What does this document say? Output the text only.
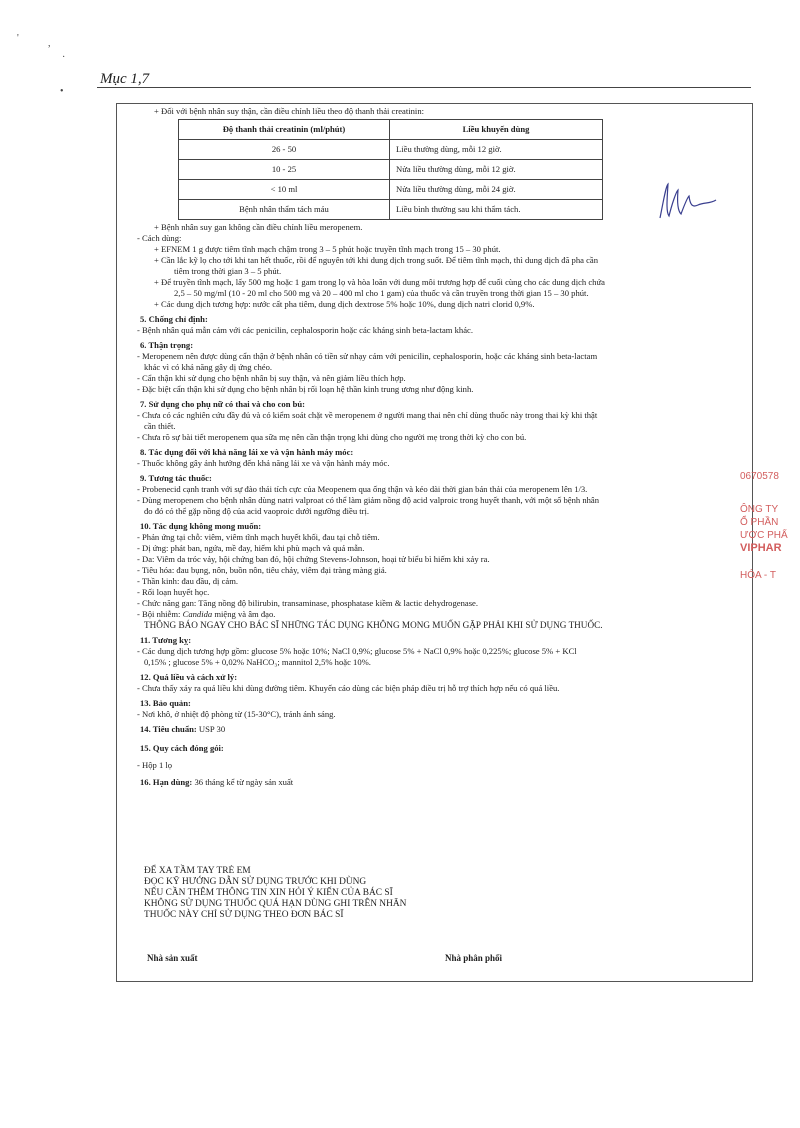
'	,
·
•
Mục 1,7
+ Đối với bệnh nhân suy thận, cần điều chỉnh liều theo độ thanh thải creatinin:
Độ thanh thải creatinin (ml/phút)	Liều khuyến dùng
26 - 50	Liều thường dùng, mỗi 12 giờ.
10 - 25	Nửa liều thường dùng, mỗi 12 giờ.
< 10 ml	Nửa liều thường dùng, mỗi 24 giờ.
Bệnh nhân thẩm tách máu	Liều bình thường sau khi thẩm tách.
+ Bệnh nhân suy gan không cần điều chỉnh liều meropenem.
- Cách dùng:
+ EFNEM 1 g được tiêm tĩnh mạch chậm trong 3 – 5 phút hoặc truyền tĩnh mạch trong 15 – 30 phút.
+ Cần lắc kỹ lọ cho tới khi tan hết thuốc, rồi để nguyên tới khi dung dịch trong suốt. Để tiêm tĩnh mạch, thì dung dịch đã pha cần
tiêm trong thời gian 3 – 5 phút.
+ Để truyền tĩnh mạch, lấy 500 mg hoặc 1 gam trong lọ và hòa loãn với dung môi trương hợp để cuối cùng cho các dung dịch chứa
2,5 – 50 mg/ml (10 - 20 ml cho 500 mg và 20 – 400 ml cho 1 gam) của thuốc và cần truyền trong thời gian 15 – 30 phút.
+ Các dung dịch tương hợp: nước cất pha tiêm, dung dịch dextrose 5% hoặc 10%, dung dịch natri clorid 0,9%.
5. Chống chỉ định:
- Bệnh nhân quá mẫn cảm với các penicilin, cephalosporin hoặc các kháng sinh beta-lactam khác.
6. Thận trọng:
- Meropenem nên được dùng cẩn thận ở bệnh nhân có tiền sử nhạy cảm với penicilin, cephalosporin, hoặc các kháng sinh beta-lactam
khác vì có khả năng gây dị ứng chéo.
- Cẩn thận khi sử dụng cho bệnh nhân bị suy thận, và nên giảm liều thích hợp.
- Đặc biệt cẩn thận khi sử dụng cho bệnh nhân bị rối loạn hệ thần kinh trung ương như động kinh.
7. Sử dụng cho phụ nữ có thai và cho con bú:
- Chưa có các nghiên cứu đầy đủ và có kiểm soát chặt về meropenem ở người mang thai nên chỉ dùng thuốc này trong thai kỳ khi thật
cần thiết.
- Chưa rõ sự bài tiết meropenem qua sữa mẹ nên cần thận trọng khi dùng cho người mẹ trong thời kỳ cho con bú.
8. Tác dụng đối với khả năng lái xe và vận hành máy móc:
- Thuốc không gây ảnh hưởng đến khả năng lái xe và vận hành máy móc.
9. Tương tác thuốc:
- Probenecid cạnh tranh với sự đào thải tích cực của Meopenem qua ống thận và kéo dài thời gian bán thải của meropenem lên 1/3.
- Dùng meropenem cho bệnh nhân dùng natri valproat có thể làm giảm nồng độ acid valproic trong huyết thanh, với một số bệnh nhân
đo đó có thể gặp nồng độ của acid vaoproic dưới ngưỡng điều trị.
10. Tác dụng không mong muốn:
- Phản ứng tại chỗ: viêm, viêm tĩnh mạch huyết khối, đau tại chỗ tiêm.
- Dị ứng: phát ban, ngứa, mề đay, hiếm khi phù mạch và quá mẫn.
- Da: Viêm da tróc vảy, hội chứng ban đỏ, hội chứng Stevens-Johnson, hoại tử biểu bì hiếm khi xảy ra.
- Tiêu hóa: đau bụng, nôn, buồn nôn, tiêu chảy, viêm đại tràng màng giả.
- Thần kinh: đau đầu, dị cảm.
- Rối loạn huyết học.
- Chức năng gan: Tăng nồng độ bilirubin, transaminase, phosphatase kiềm & lactic dehydrogenase.
- Bội nhiễm: Candida miệng và âm đạo.
THÔNG BÁO NGAY CHO BÁC SĨ NHỮNG TÁC DỤNG KHÔNG MONG MUỐN GẶP PHẢI KHI SỬ DỤNG THUỐC.
11. Tương kỵ:
- Các dung dịch tương hợp gồm: glucose 5% hoặc 10%; NaCl 0,9%; glucose 5% + NaCl 0,9% hoặc 0,225%; glucose 5% + KCl
0,15% ; glucose 5% + 0,02% NaHCO₃; mannitol 2,5% hoặc 10%.
12. Quá liều và cách xử lý:
- Chưa thấy xảy ra quá liều khi dùng đường tiêm. Khuyến cáo dùng các biện pháp điều trị hỗ trợ thích hợp nếu có quá liều.
13. Bảo quản:
- Nơi khô, ở nhiệt độ phòng từ (15-30°C), tránh ánh sáng.
14. Tiêu chuẩn: USP 30
15. Quy cách đóng gói:
- Hộp 1 lọ
16. Hạn dùng: 36 tháng kể từ ngày sản xuất
ĐỂ XA TẦM TAY TRẺ EM
ĐỌC KỸ HƯỚNG DẪN SỬ DỤNG TRƯỚC KHI DÙNG
NẾU CẦN THÊM THÔNG TIN XIN HỎI Ý KIẾN CỦA BÁC SĨ
KHÔNG SỬ DỤNG THUỐC QUÁ HẠN DÙNG GHI TRÊN NHÃN
THUỐC NÀY CHỈ SỬ DỤNG THEO ĐƠN BÁC SĨ
Nhà sản xuất	Nhà phân phối
0670578
ÔNG TY
Ổ PHẦN
ƯỢC PHẨ
VIPHAR
HÓA - T
